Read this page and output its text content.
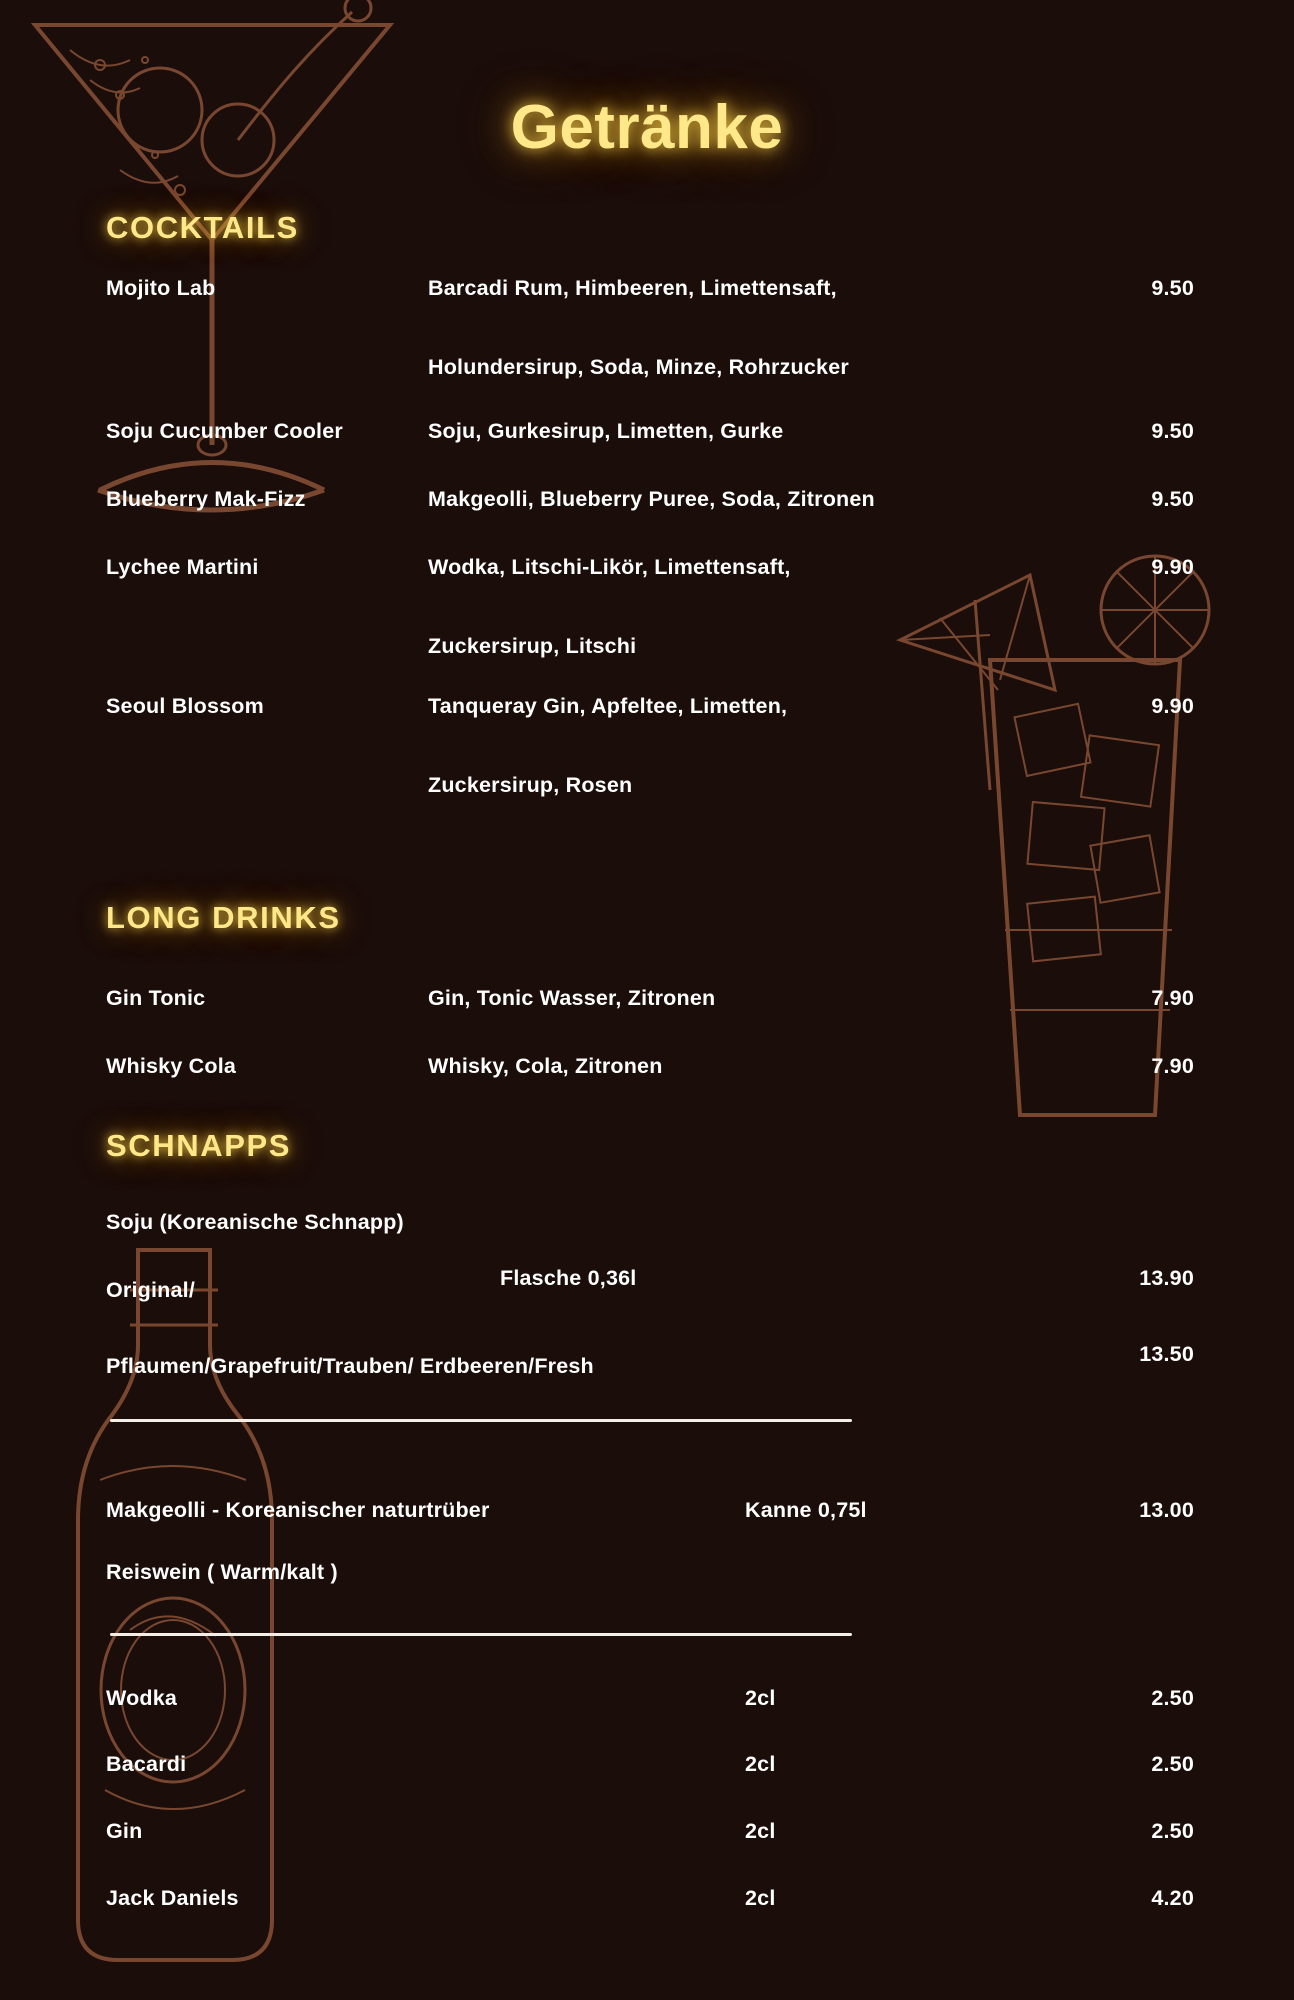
Getränke
COCKTAILS
Mojito Lab	Barcadi Rum, Himbeeren, Limettensaft,	9.50
Holundersirup, Soda, Minze, Rohrzucker
Soju Cucumber Cooler	Soju, Gurkesirup, Limetten, Gurke	9.50
Blueberry Mak-Fizz	Makgeolli, Blueberry Puree, Soda, Zitronen	9.50
Lychee Martini	Wodka, Litschi-Likör, Limettensaft,	9.90
Zuckersirup, Litschi
Seoul Blossom	Tanqueray Gin, Apfeltee, Limetten,	9.90
Zuckersirup, Rosen
LONG DRINKS
Gin Tonic	Gin, Tonic Wasser, Zitronen	7.90
Whisky Cola	Whisky, Cola, Zitronen	7.90
SCHNAPPS
Soju (Koreanische Schnapp)
Original/	Flasche 0,36l	13.90
Pflaumen/Grapefruit/Trauben/ Erdbeeren/Fresh	13.50
Makgeolli - Koreanischer naturtrüber	Kanne 0,75l	13.00
Reiswein ( Warm/kalt )
Wodka	2cl	2.50
Bacardi	2cl	2.50
Gin	2cl	2.50
Jack Daniels	2cl	4.20
